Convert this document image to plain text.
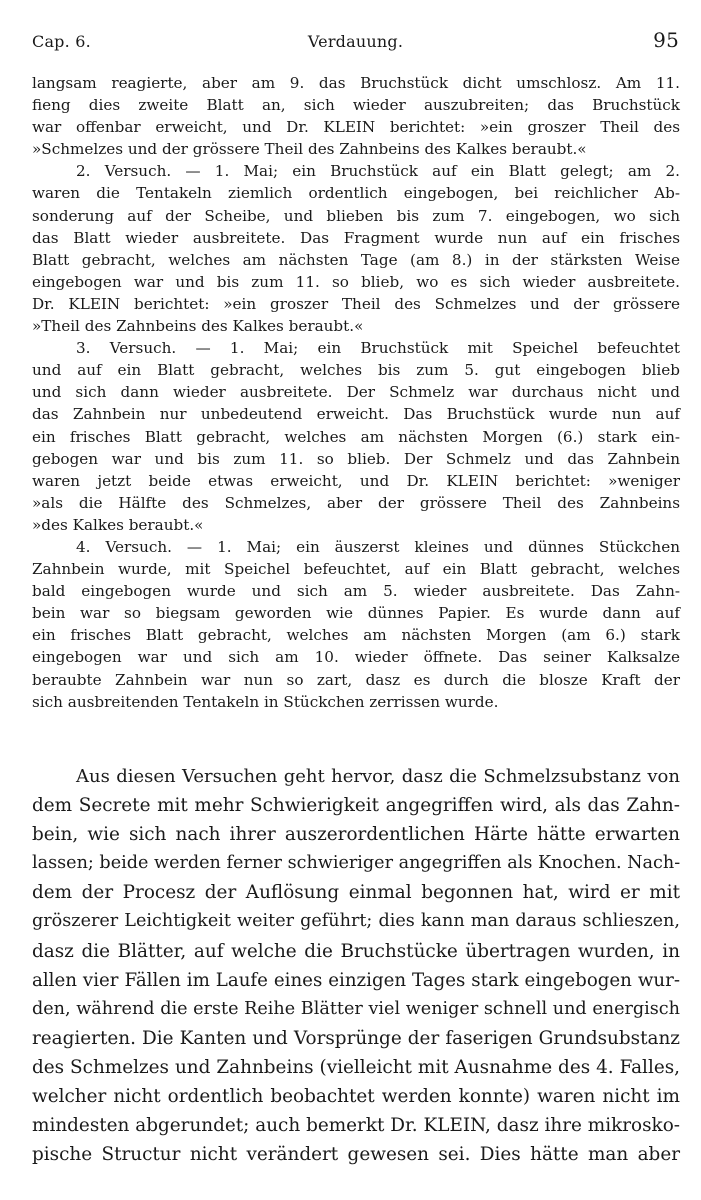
Cap. 6.	Verdauung.	95
langsam reagierte, aber am 9. das Bruchstück dicht umschlosz. Am 11.
fieng dies zweite Blatt an, sich wieder auszubreiten; das Bruchstück
war offenbar erweicht, und Dr. KLEIN berichtet: »ein groszer Theil des
»Schmelzes und der grössere Theil des Zahnbeins des Kalkes beraubt.«
2. Versuch. — 1. Mai; ein Bruchstück auf ein Blatt gelegt; am 2.
waren die Tentakeln ziemlich ordentlich eingebogen, bei reichlicher Ab-
sonderung auf der Scheibe, und blieben bis zum 7. eingebogen, wo sich
das Blatt wieder ausbreitete. Das Fragment wurde nun auf ein frisches
Blatt gebracht, welches am nächsten Tage (am 8.) in der stärksten Weise
eingebogen war und bis zum 11. so blieb, wo es sich wieder ausbreitete.
Dr. KLEIN berichtet: »ein groszer Theil des Schmelzes und der grössere
»Theil des Zahnbeins des Kalkes beraubt.«
3. Versuch. — 1. Mai; ein Bruchstück mit Speichel befeuchtet
und auf ein Blatt gebracht, welches bis zum 5. gut eingebogen blieb
und sich dann wieder ausbreitete. Der Schmelz war durchaus nicht und
das Zahnbein nur unbedeutend erweicht. Das Bruchstück wurde nun auf
ein frisches Blatt gebracht, welches am nächsten Morgen (6.) stark ein-
gebogen war und bis zum 11. so blieb. Der Schmelz und das Zahnbein
waren jetzt beide etwas erweicht, und Dr. KLEIN berichtet: »weniger
»als die Hälfte des Schmelzes, aber der grössere Theil des Zahnbeins
»des Kalkes beraubt.«
4. Versuch. — 1. Mai; ein äuszerst kleines und dünnes Stückchen
Zahnbein wurde, mit Speichel befeuchtet, auf ein Blatt gebracht, welches
bald eingebogen wurde und sich am 5. wieder ausbreitete. Das Zahn-
bein war so biegsam geworden wie dünnes Papier. Es wurde dann auf
ein frisches Blatt gebracht, welches am nächsten Morgen (am 6.) stark
eingebogen war und sich am 10. wieder öffnete. Das seiner Kalksalze
beraubte Zahnbein war nun so zart, dasz es durch die blosze Kraft der
sich ausbreitenden Tentakeln in Stückchen zerrissen wurde.
Aus diesen Versuchen geht hervor, dasz die Schmelzsubstanz von
dem Secrete mit mehr Schwierigkeit angegriffen wird, als das Zahn-
bein, wie sich nach ihrer auszerordentlichen Härte hätte erwarten
lassen; beide werden ferner schwieriger angegriffen als Knochen. Nach-
dem der Procesz der Auflösung einmal begonnen hat, wird er mit
gröszerer Leichtigkeit weiter geführt; dies kann man daraus schlieszen,
dasz die Blätter, auf welche die Bruchstücke übertragen wurden, in
allen vier Fällen im Laufe eines einzigen Tages stark eingebogen wur-
den, während die erste Reihe Blätter viel weniger schnell und energisch
reagierten. Die Kanten und Vorsprünge der faserigen Grundsubstanz
des Schmelzes und Zahnbeins (vielleicht mit Ausnahme des 4. Falles,
welcher nicht ordentlich beobachtet werden konnte) waren nicht im
mindesten abgerundet; auch bemerkt Dr. KLEIN, dasz ihre mikrosko-
pische Structur nicht verändert gewesen sei. Dies hätte man aber
